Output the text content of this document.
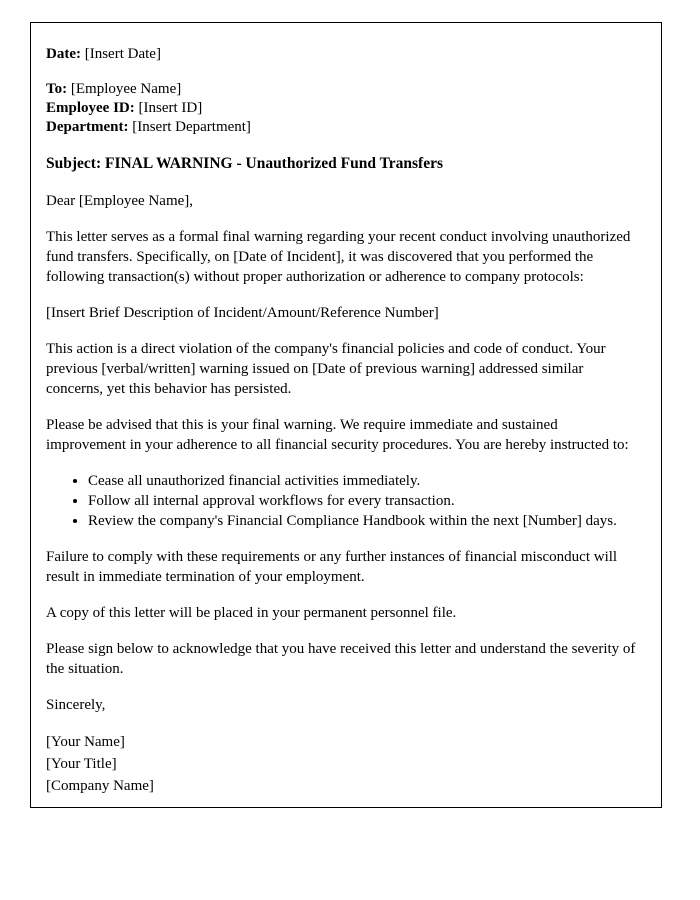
Date: [Insert Date]
To: [Employee Name]
Employee ID: [Insert ID]
Department: [Insert Department]
Subject: FINAL WARNING - Unauthorized Fund Transfers
Dear [Employee Name],

This letter serves as a formal final warning regarding your recent conduct involving unauthorized fund transfers. Specifically, on [Date of Incident], it was discovered that you performed the following transaction(s) without proper authorization or adherence to company protocols:

[Insert Brief Description of Incident/Amount/Reference Number]

This action is a direct violation of the company's financial policies and code of conduct. Your previous [verbal/written] warning issued on [Date of previous warning] addressed similar concerns, yet this behavior has persisted.

Please be advised that this is your final warning. We require immediate and sustained improvement in your adherence to all financial security procedures. You are hereby instructed to:

• Cease all unauthorized financial activities immediately.
• Follow all internal approval workflows for every transaction.
• Review the company's Financial Compliance Handbook within the next [Number] days.

Failure to comply with these requirements or any further instances of financial misconduct will result in immediate termination of your employment.

A copy of this letter will be placed in your permanent personnel file.

Please sign below to acknowledge that you have received this letter and understand the severity of the situation.

Sincerely,

[Your Name]
[Your Title]
[Company Name]
